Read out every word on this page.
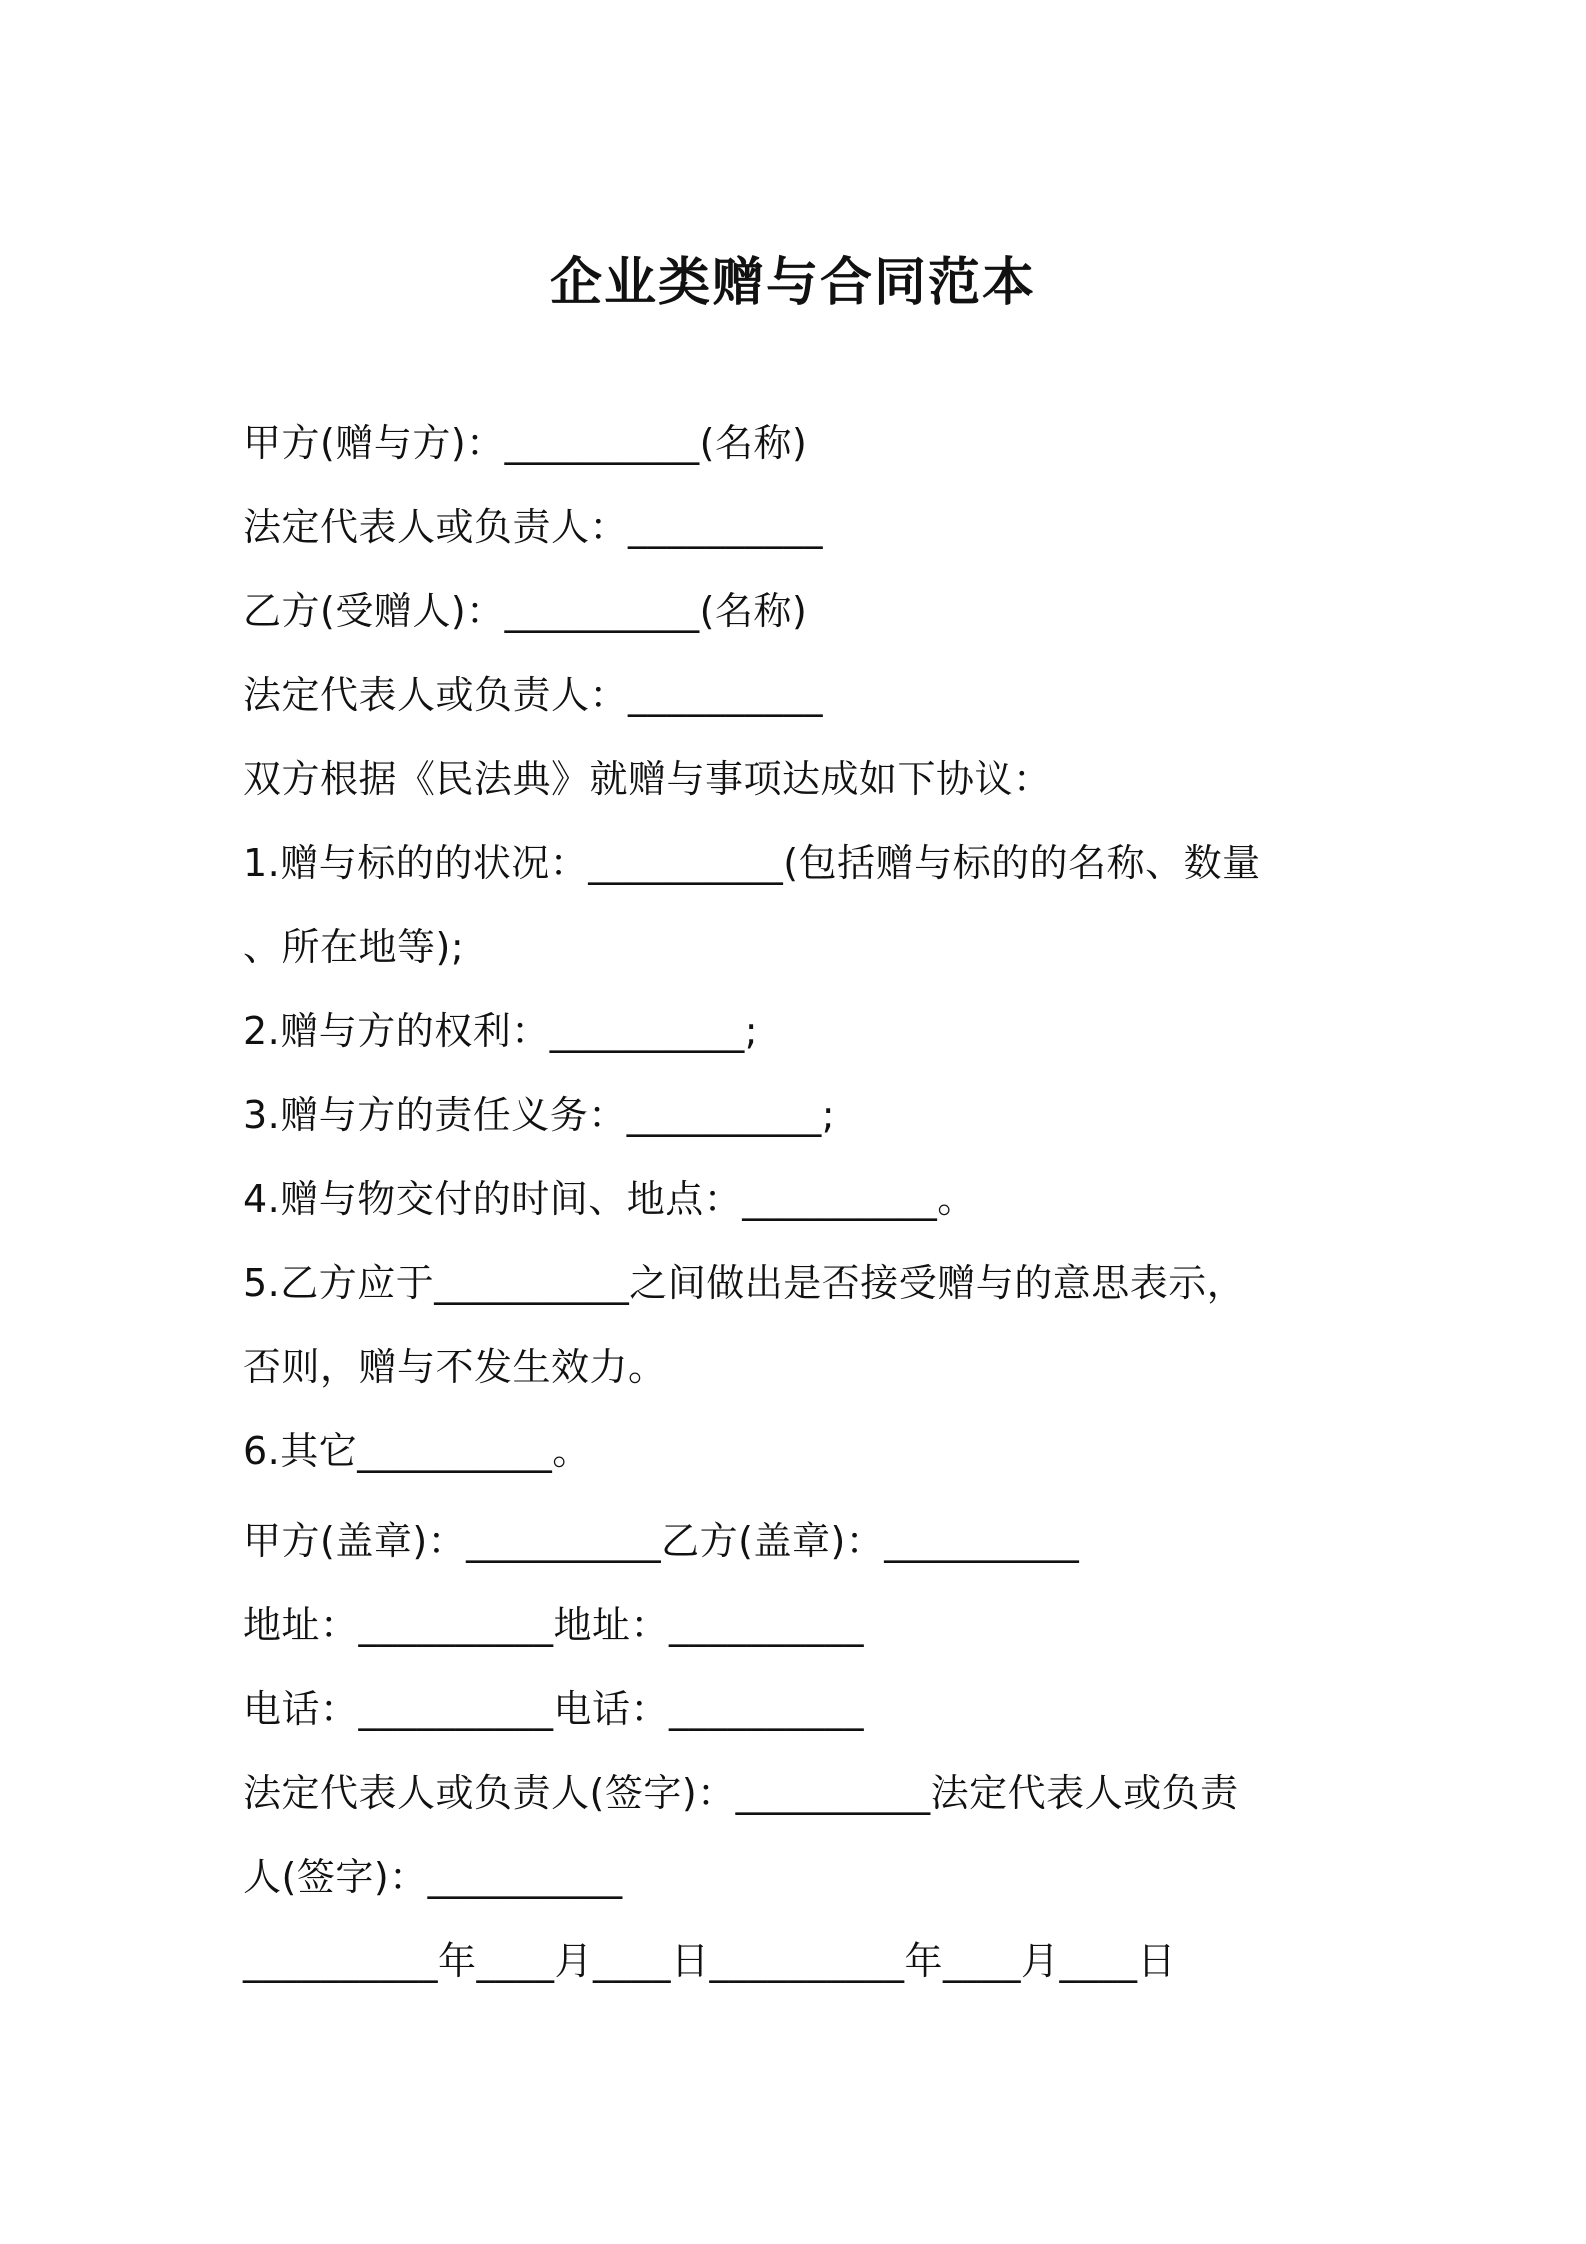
企业类赠与合同范本
甲方(赠与方)：__________(名称)
法定代表人或负责人：__________
乙方(受赠人)：__________(名称)
法定代表人或负责人：__________
双方根据《民法典》就赠与事项达成如下协议：
1.赠与标的的状况：__________(包括赠与标的的名称、数量
、所在地等);
2.赠与方的权利：__________;
3.赠与方的责任义务：__________;
4.赠与物交付的时间、地点：__________。
5.乙方应于__________之间做出是否接受赠与的意思表示，
否则，赠与不发生效力。
6.其它__________。
甲方(盖章)：__________乙方(盖章)：__________
地址：__________地址：__________
电话：__________电话：__________
法定代表人或负责人(签字)：__________法定代表人或负责
人(签字)：__________
__________年____月____日__________年____月____日
